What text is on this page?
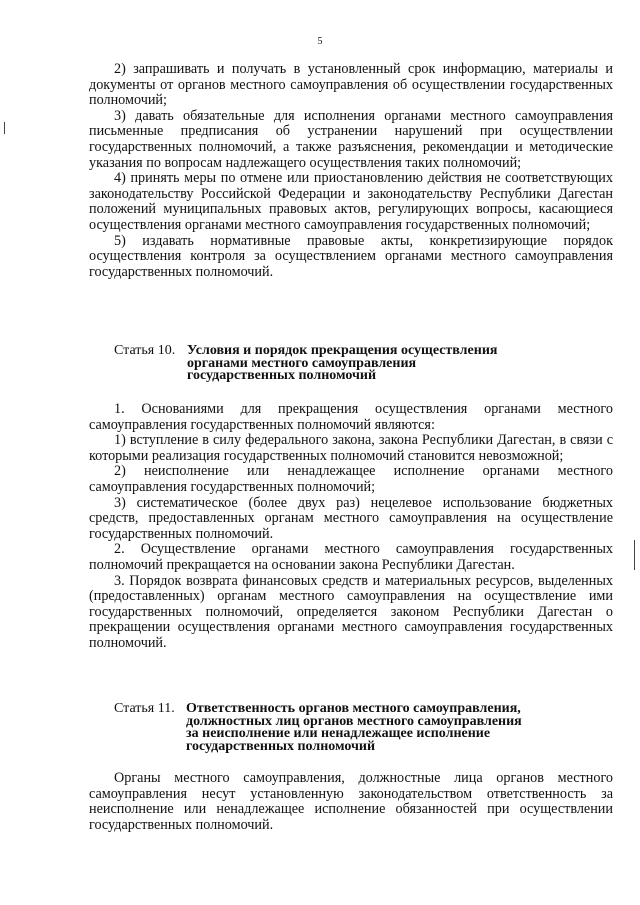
5

2) запрашивать и получать в установленный срок информацию, материалы и документы от органов местного самоуправления об осуществлении государственных полномочий;

3) давать обязательные для исполнения органами местного самоуправления письменные предписания об устранении нарушений при осуществлении государственных полномочий, а также разъяснения, рекомендации и методические указания по вопросам надлежащего осуществления таких полномочий;

4) принять меры по отмене или приостановлению действия не соответствующих законодательству Российской Федерации и законодательству Республики Дагестан положений муниципальных правовых актов, регулирующих вопросы, касающиеся осуществления органами местного самоуправления государственных полномочий;

5) издавать нормативные правовые акты, конкретизирующие порядок осуществления контроля за осуществлением органами местного самоуправления государственных полномочий.

Статья 10. Условия и порядок прекращения осуществления
органами местного самоуправления
государственных полномочий

1. Основаниями для прекращения осуществления органами местного самоуправления государственных полномочий являются:

1) вступление в силу федерального закона, закона Республики Дагестан, в связи с которыми реализация государственных полномочий становится невозможной;

2) неисполнение или ненадлежащее исполнение органами местного самоуправления государственных полномочий;

3) систематическое (более двух раз) нецелевое использование бюджетных средств, предоставленных органам местного самоуправления на осуществление государственных полномочий.

2. Осуществление органами местного самоуправления государственных полномочий прекращается на основании закона Республики Дагестан.

3. Порядок возврата финансовых средств и материальных ресурсов, выделенных (предоставленных) органам местного самоуправления на осуществление ими государственных полномочий, определяется законом Республики Дагестан о прекращении осуществления органами местного самоуправления государственных полномочий.

Статья 11. Ответственность органов местного самоуправления,
должностных лиц органов местного самоуправления
за неисполнение или ненадлежащее исполнение
государственных полномочий

Органы местного самоуправления, должностные лица органов местного самоуправления несут установленную законодательством ответственность за неисполнение или ненадлежащее исполнение обязанностей при осуществлении государственных полномочий.
